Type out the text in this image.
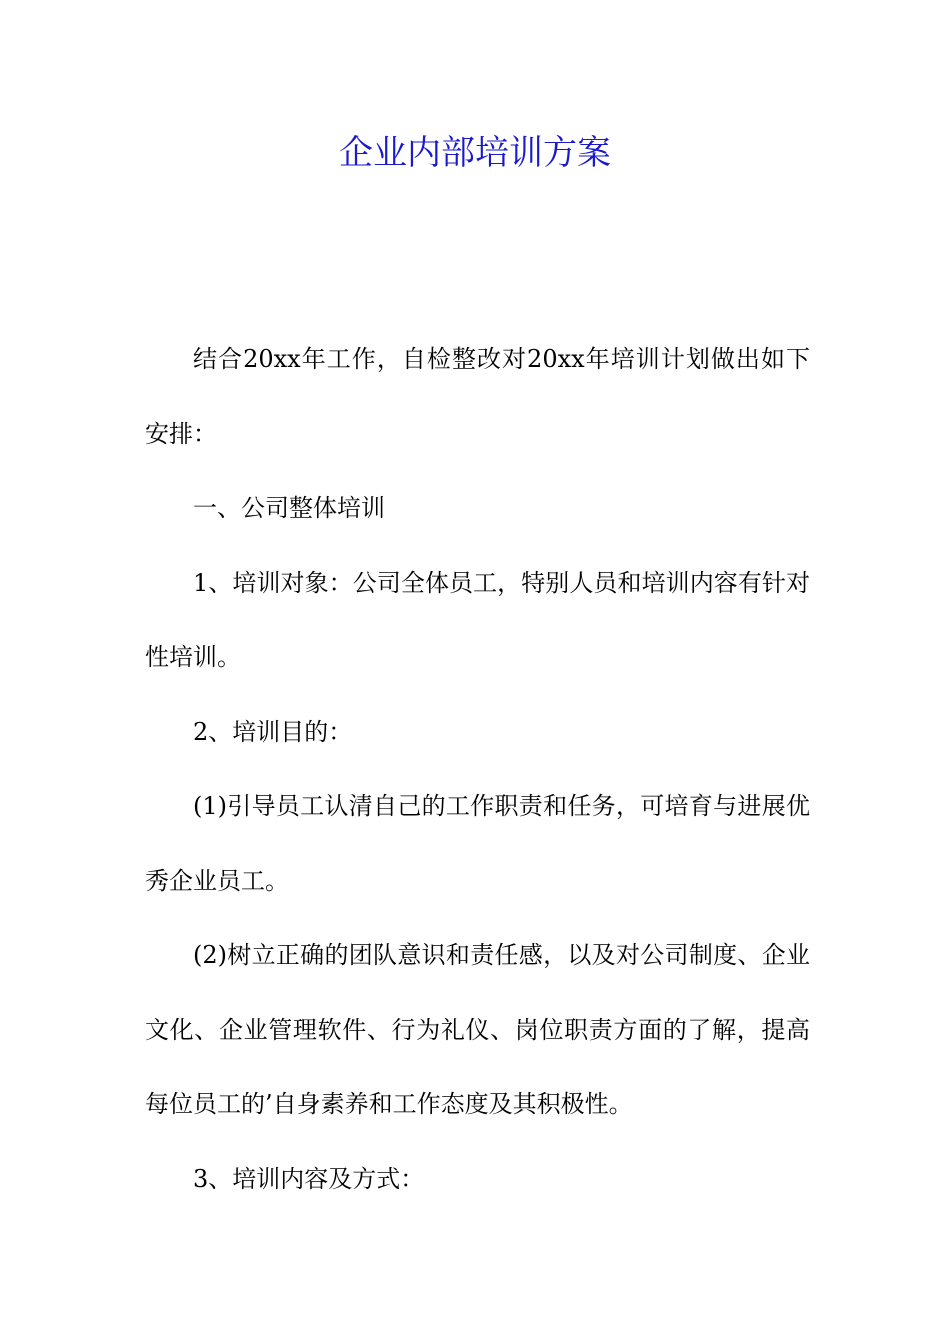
企业内部培训方案

结合20xx年工作，自检整改对20xx年培训计划做出如下安排：

一、公司整体培训

1、培训对象：公司全体员工，特别人员和培训内容有针对性培训。

2、培训目的：

(1)引导员工认清自己的工作职责和任务，可培育与进展优秀企业员工。

(2)树立正确的团队意识和责任感，以及对公司制度、企业文化、企业管理软件、行为礼仪、岗位职责方面的了解，提高每位员工的’自身素养和工作态度及其积极性。

3、培训内容及方式：
